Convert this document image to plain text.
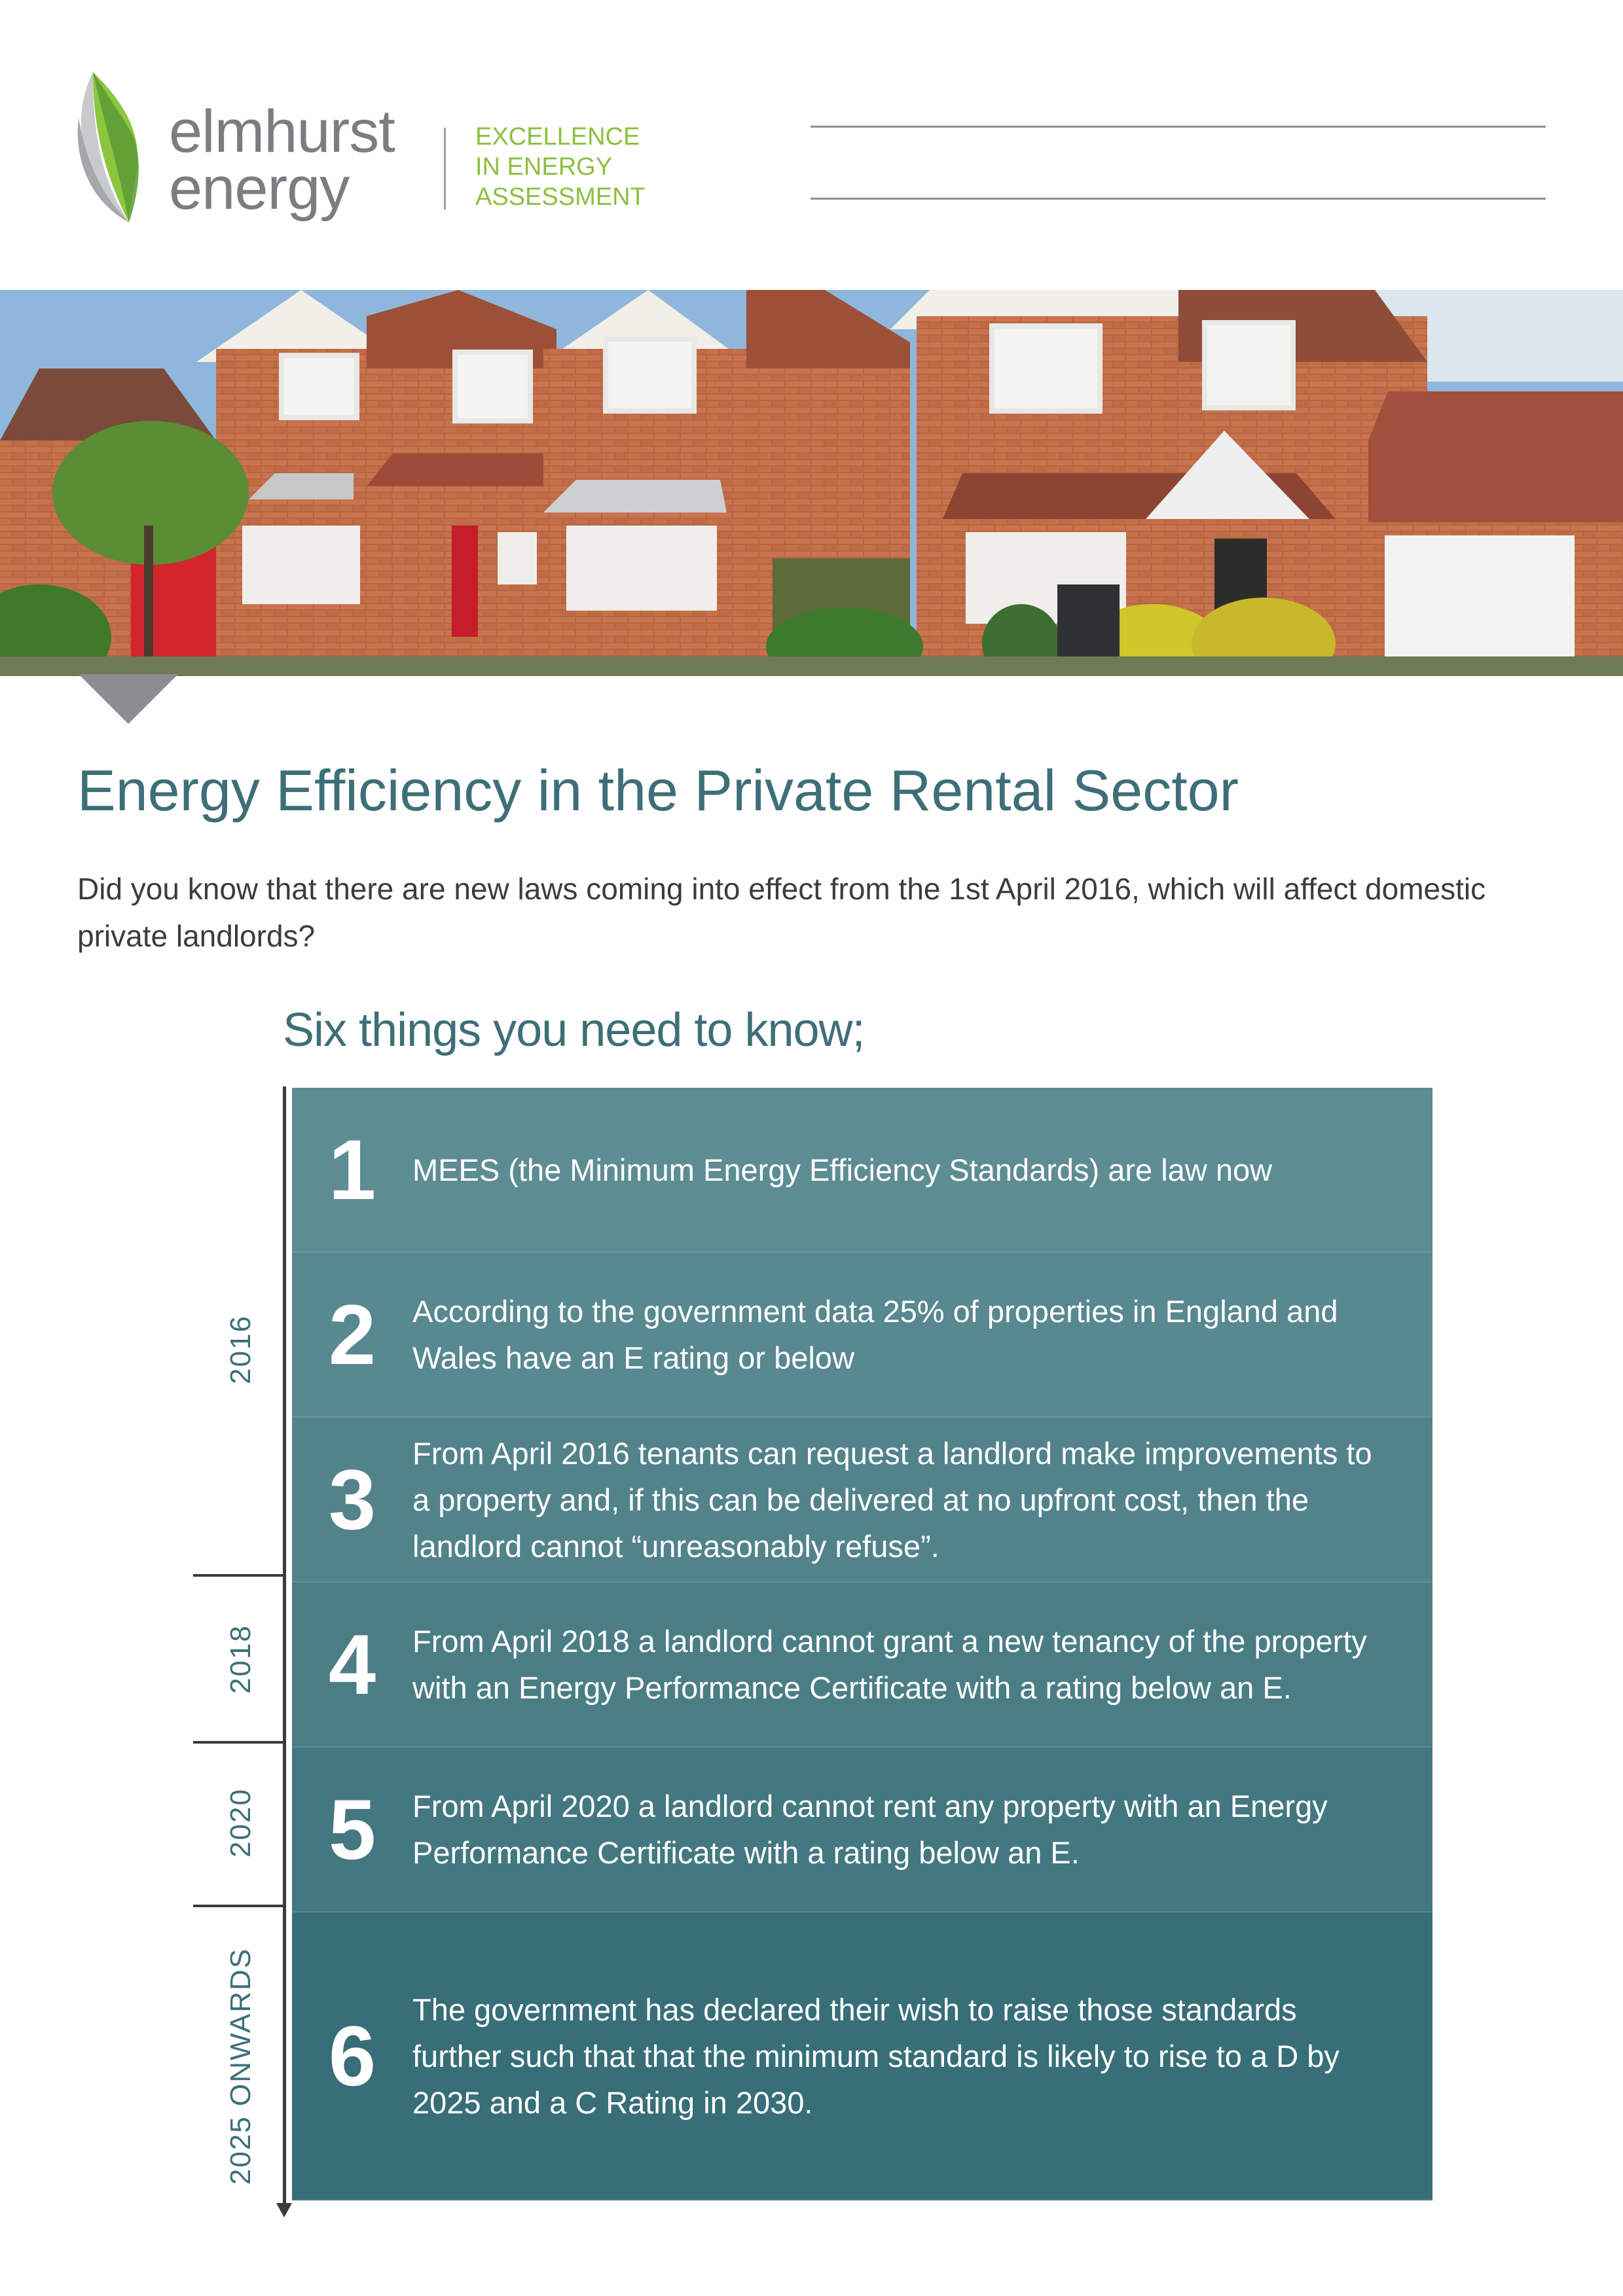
elmhurst
energy
EXCELLENCE
IN ENERGY
ASSESSMENT
Energy Efficiency in the Private Rental Sector
Did you know that there are new laws coming into effect from the 1st April 2016, which will affect domestic private landlords?
Six things you need to know;
2016
2018
2020
2025 ONWARDS
1	MEES (the Minimum Energy Efficiency Standards) are law now
2	According to the government data 25% of properties in England and Wales have an E rating or below
3	From April 2016 tenants can request a landlord make improvements to a property and, if this can be delivered at no upfront cost, then the landlord cannot “unreasonably refuse”.
4	From April 2018 a landlord cannot grant a new tenancy of the property with an Energy Performance Certificate with a rating below an E.
5	From April 2020 a landlord cannot rent any property with an Energy Performance Certificate with a rating below an E.
6	The government has declared their wish to raise those standards further such that that the minimum standard is likely to rise to a D by 2025 and a C Rating in 2030.
